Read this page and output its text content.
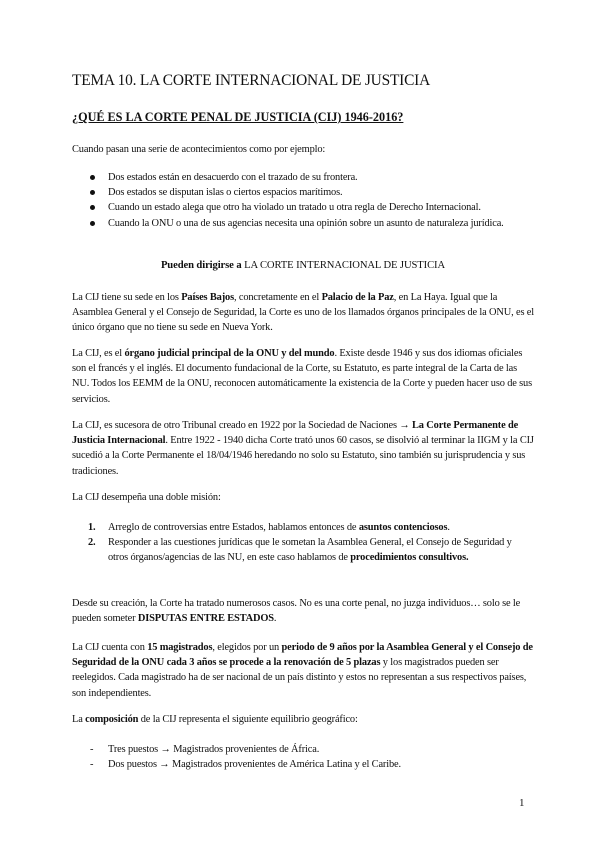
TEMA 10. LA CORTE INTERNACIONAL DE JUSTICIA
¿QUÉ ES LA CORTE PENAL DE JUSTICIA (CIJ) 1946-2016?

Cuando pasan una serie de acontecimientos como por ejemplo:

Dos estados están en desacuerdo con el trazado de su frontera.
Dos estados se disputan islas o ciertos espacios marítimos.
Cuando un estado alega que otro ha violado un tratado u otra regla de Derecho Internacional.
Cuando la ONU o una de sus agencias necesita una opinión sobre un asunto de naturaleza jurídica.

Pueden dirigirse a LA CORTE INTERNACIONAL DE JUSTICIA

La CIJ tiene su sede en los Países Bajos, concretamente en el Palacio de la Paz, en La Haya. Igual que la Asamblea General y el Consejo de Seguridad, la Corte es uno de los llamados órganos principales de la ONU, es el único órgano que no tiene su sede en Nueva York.

La CIJ, es el órgano judicial principal de la ONU y del mundo. Existe desde 1946 y sus dos idiomas oficiales son el francés y el inglés. El documento fundacional de la Corte, su Estatuto, es parte integral de la Carta de las NU. Todos los EEMM de la ONU, reconocen automáticamente la existencia de la Corte y pueden hacer uso de sus servicios.

La CIJ, es sucesora de otro Tribunal creado en 1922 por la Sociedad de Naciones → La Corte Permanente de Justicia Internacional. Entre 1922 - 1940 dicha Corte trató unos 60 casos, se disolvió al terminar la IIGM y la CIJ sucedió a la Corte Permanente el 18/04/1946 heredando no solo su Estatuto, sino también su jurisprudencia y sus tradiciones.

La CIJ desempeña una doble misión:

1. Arreglo de controversias entre Estados, hablamos entonces de asuntos contenciosos.
2. Responder a las cuestiones jurídicas que le sometan la Asamblea General, el Consejo de Seguridad y otros órganos/agencias de las NU, en este caso hablamos de procedimientos consultivos.

Desde su creación, la Corte ha tratado numerosos casos. No es una corte penal, no juzga individuos… solo se le pueden someter DISPUTAS ENTRE ESTADOS.

La CIJ cuenta con 15 magistrados, elegidos por un periodo de 9 años por la Asamblea General y el Consejo de Seguridad de la ONU cada 3 años se procede a la renovación de 5 plazas y los magistrados pueden ser reelegidos. Cada magistrado ha de ser nacional de un país distinto y estos no representan a sus respectivos países, son independientes.

La composición de la CIJ representa el siguiente equilibrio geográfico:

- Tres puestos → Magistrados provenientes de África.
- Dos puestos → Magistrados provenientes de América Latina y el Caribe.
1
